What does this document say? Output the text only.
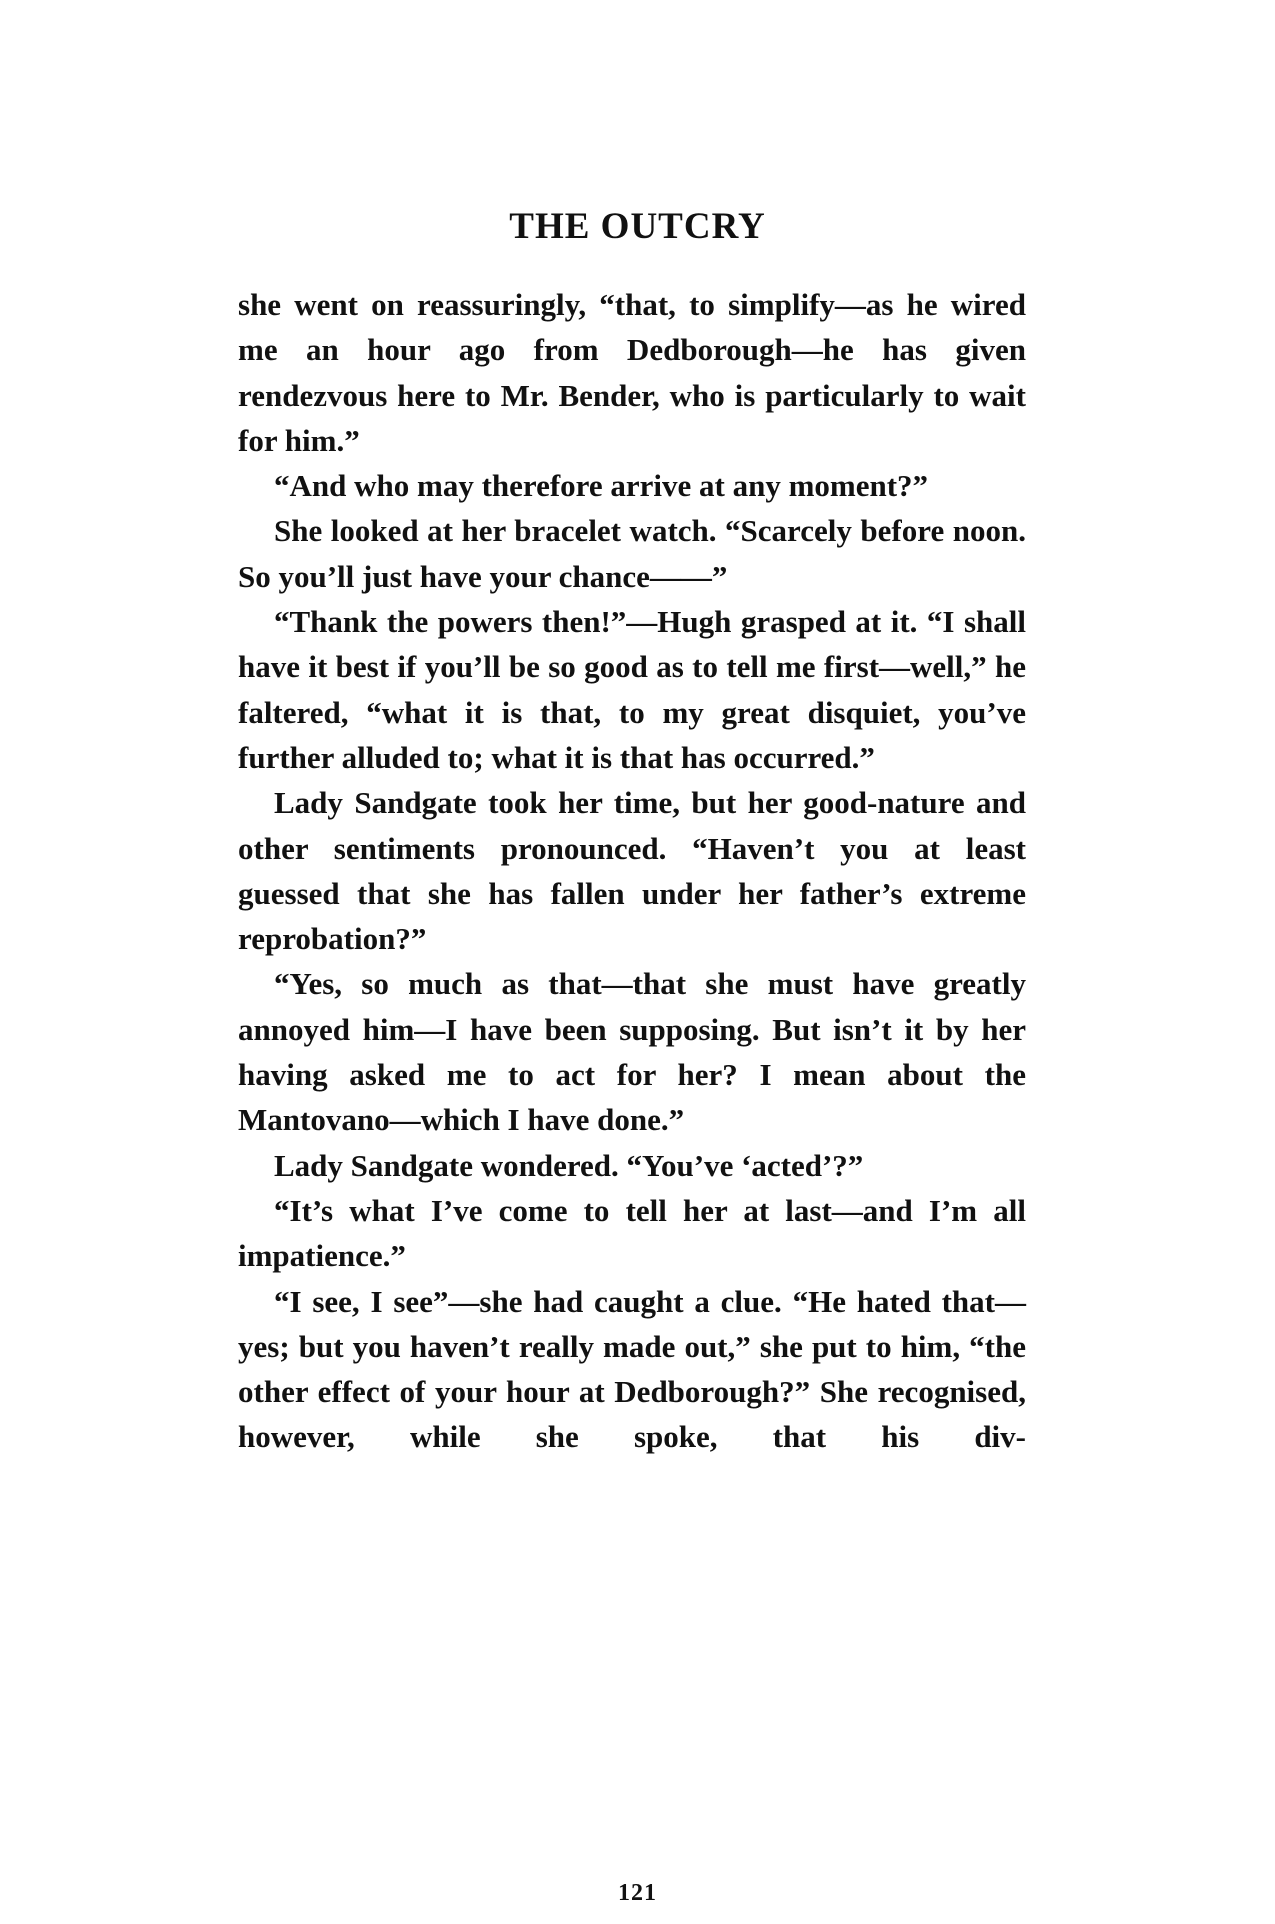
THE OUTCRY

she went on reassuringly, “that, to simplify—as he wired me an hour ago from Dedborough—he has given rendezvous here to Mr. Bender, who is particularly to wait for him.”

“And who may therefore arrive at any moment?”

She looked at her bracelet watch. “Scarcely before noon. So you’ll just have your chance——”

“Thank the powers then!”—Hugh grasped at it. “I shall have it best if you’ll be so good as to tell me first—well,” he faltered, “what it is that, to my great disquiet, you’ve further alluded to; what it is that has occurred.”

Lady Sandgate took her time, but her good-nature and other sentiments pronounced. “Haven’t you at least guessed that she has fallen under her father’s extreme reprobation?”

“Yes, so much as that—that she must have greatly annoyed him—I have been supposing. But isn’t it by her having asked me to act for her? I mean about the Mantovano—which I have done.”

Lady Sandgate wondered. “You’ve ‘acted’?”

“It’s what I’ve come to tell her at last—and I’m all impatience.”

“I see, I see”—she had caught a clue. “He hated that—yes; but you haven’t really made out,” she put to him, “the other effect of your hour at Dedborough?” She recognised, however, while she spoke, that his div-

121
